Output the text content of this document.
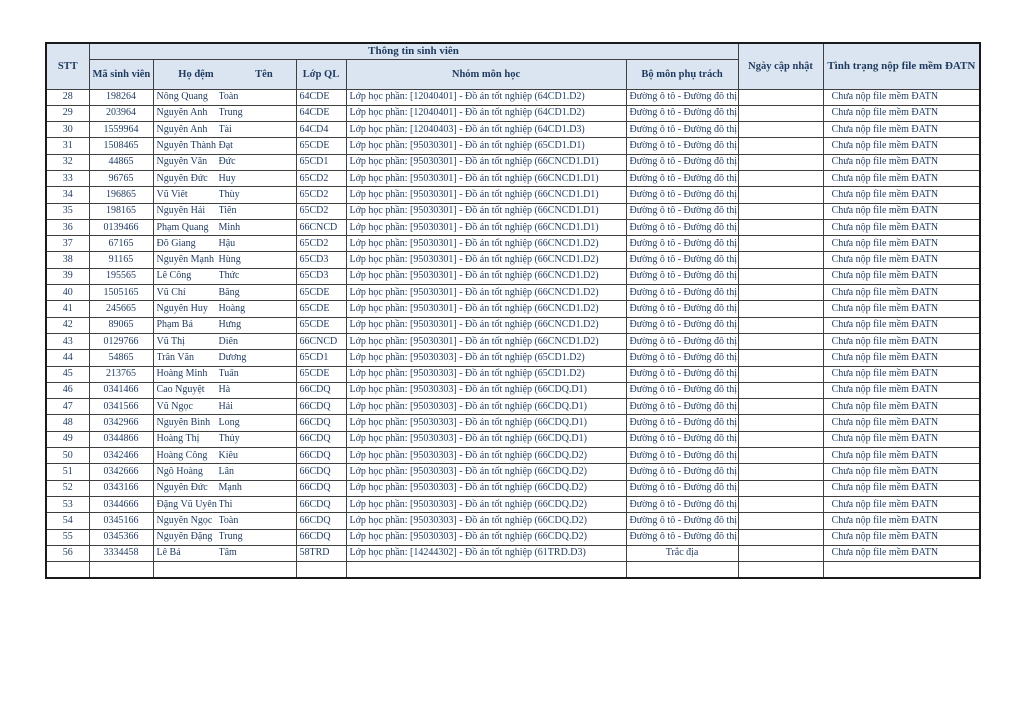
STT	Thông tin sinh viên					Ngày cập nhật	Tình trạng nộp file mềm ĐATN
	Mã sinh viên	Họ đệm Tên	Lớp QL	Nhóm môn học	Bộ môn phụ trách		
28	198264	Nông Quang Toàn	64CDE	Lớp học phần: [12040401] - Đồ án tốt nghiệp (64CD1.D2)	Đường ô tô - Đường đô thị		Chưa nộp file mềm ĐATN
29	203964	Nguyễn Anh Trung	64CDE	Lớp học phần: [12040401] - Đồ án tốt nghiệp (64CD1.D2)	Đường ô tô - Đường đô thị		Chưa nộp file mềm ĐATN
30	1559964	Nguyễn Anh Tài	64CD4	Lớp học phần: [12040403] - Đồ án tốt nghiệp (64CD1.D3)	Đường ô tô - Đường đô thị		Chưa nộp file mềm ĐATN
31	1508465	Nguyễn Thành Đạt	65CDE	Lớp học phần: [95030301] - Đồ án tốt nghiệp (65CD1.D1)	Đường ô tô - Đường đô thị		Chưa nộp file mềm ĐATN
32	44865	Nguyễn Văn Đức	65CD1	Lớp học phần: [95030301] - Đồ án tốt nghiệp (66CNCD1.D1)	Đường ô tô - Đường đô thị		Chưa nộp file mềm ĐATN
33	96765	Nguyễn Đức Huy	65CD2	Lớp học phần: [95030301] - Đồ án tốt nghiệp (66CNCD1.D1)	Đường ô tô - Đường đô thị		Chưa nộp file mềm ĐATN
34	196865	Vũ Viết Thùy	65CD2	Lớp học phần: [95030301] - Đồ án tốt nghiệp (66CNCD1.D1)	Đường ô tô - Đường đô thị		Chưa nộp file mềm ĐATN
35	198165	Nguyễn Hải Tiến	65CD2	Lớp học phần: [95030301] - Đồ án tốt nghiệp (66CNCD1.D1)	Đường ô tô - Đường đô thị		Chưa nộp file mềm ĐATN
36	0139466	Phạm Quang Minh	66CNCD	Lớp học phần: [95030301] - Đồ án tốt nghiệp (66CNCD1.D1)	Đường ô tô - Đường đô thị		Chưa nộp file mềm ĐATN
37	67165	Đỗ Giang Hậu	65CD2	Lớp học phần: [95030301] - Đồ án tốt nghiệp (66CNCD1.D2)	Đường ô tô - Đường đô thị		Chưa nộp file mềm ĐATN
38	91165	Nguyễn Mạnh Hùng	65CD3	Lớp học phần: [95030301] - Đồ án tốt nghiệp (66CNCD1.D2)	Đường ô tô - Đường đô thị		Chưa nộp file mềm ĐATN
39	195565	Lê Công Thức	65CD3	Lớp học phần: [95030301] - Đồ án tốt nghiệp (66CNCD1.D2)	Đường ô tô - Đường đô thị		Chưa nộp file mềm ĐATN
40	1505165	Vũ Chí Bằng	65CDE	Lớp học phần: [95030301] - Đồ án tốt nghiệp (66CNCD1.D2)	Đường ô tô - Đường đô thị		Chưa nộp file mềm ĐATN
41	245665	Nguyễn Huy Hoàng	65CDE	Lớp học phần: [95030301] - Đồ án tốt nghiệp (66CNCD1.D2)	Đường ô tô - Đường đô thị		Chưa nộp file mềm ĐATN
42	89065	Phạm Bá Hưng	65CDE	Lớp học phần: [95030301] - Đồ án tốt nghiệp (66CNCD1.D2)	Đường ô tô - Đường đô thị		Chưa nộp file mềm ĐATN
43	0129766	Vũ Thị Diến	66CNCD	Lớp học phần: [95030301] - Đồ án tốt nghiệp (66CNCD1.D2)	Đường ô tô - Đường đô thị		Chưa nộp file mềm ĐATN
44	54865	Trần Văn Dương	65CD1	Lớp học phần: [95030303] - Đồ án tốt nghiệp (65CD1.D2)	Đường ô tô - Đường đô thị		Chưa nộp file mềm ĐATN
45	213765	Hoàng Minh Tuấn	65CDE	Lớp học phần: [95030303] - Đồ án tốt nghiệp (65CD1.D2)	Đường ô tô - Đường đô thị		Chưa nộp file mềm ĐATN
46	0341466	Cao Nguyệt Hà	66CDQ	Lớp học phần: [95030303] - Đồ án tốt nghiệp (66CDQ.D1)	Đường ô tô - Đường đô thị		Chưa nộp file mềm ĐATN
47	0341566	Vũ Ngọc Hải	66CDQ	Lớp học phần: [95030303] - Đồ án tốt nghiệp (66CDQ.D1)	Đường ô tô - Đường đô thị		Chưa nộp file mềm ĐATN
48	0342966	Nguyễn Bình Long	66CDQ	Lớp học phần: [95030303] - Đồ án tốt nghiệp (66CDQ.D1)	Đường ô tô - Đường đô thị		Chưa nộp file mềm ĐATN
49	0344866	Hoàng Thị Thủy	66CDQ	Lớp học phần: [95030303] - Đồ án tốt nghiệp (66CDQ.D1)	Đường ô tô - Đường đô thị		Chưa nộp file mềm ĐATN
50	0342466	Hoàng Công Kiều	66CDQ	Lớp học phần: [95030303] - Đồ án tốt nghiệp (66CDQ.D2)	Đường ô tô - Đường đô thị		Chưa nộp file mềm ĐATN
51	0342666	Ngô Hoàng Lân	66CDQ	Lớp học phần: [95030303] - Đồ án tốt nghiệp (66CDQ.D2)	Đường ô tô - Đường đô thị		Chưa nộp file mềm ĐATN
52	0343166	Nguyễn Đức Mạnh	66CDQ	Lớp học phần: [95030303] - Đồ án tốt nghiệp (66CDQ.D2)	Đường ô tô - Đường đô thị		Chưa nộp file mềm ĐATN
53	0344666	Đặng Vũ Uyên Thi	66CDQ	Lớp học phần: [95030303] - Đồ án tốt nghiệp (66CDQ.D2)	Đường ô tô - Đường đô thị		Chưa nộp file mềm ĐATN
54	0345166	Nguyễn Ngọc Toàn	66CDQ	Lớp học phần: [95030303] - Đồ án tốt nghiệp (66CDQ.D2)	Đường ô tô - Đường đô thị		Chưa nộp file mềm ĐATN
55	0345366	Nguyễn Đặng Trung	66CDQ	Lớp học phần: [95030303] - Đồ án tốt nghiệp (66CDQ.D2)	Đường ô tô - Đường đô thị		Chưa nộp file mềm ĐATN
56	3334458	Lê Bá Tâm	58TRD	Lớp học phần: [14244302] - Đồ án tốt nghiệp (61TRD.D3)	Trắc địa		Chưa nộp file mềm ĐATN
